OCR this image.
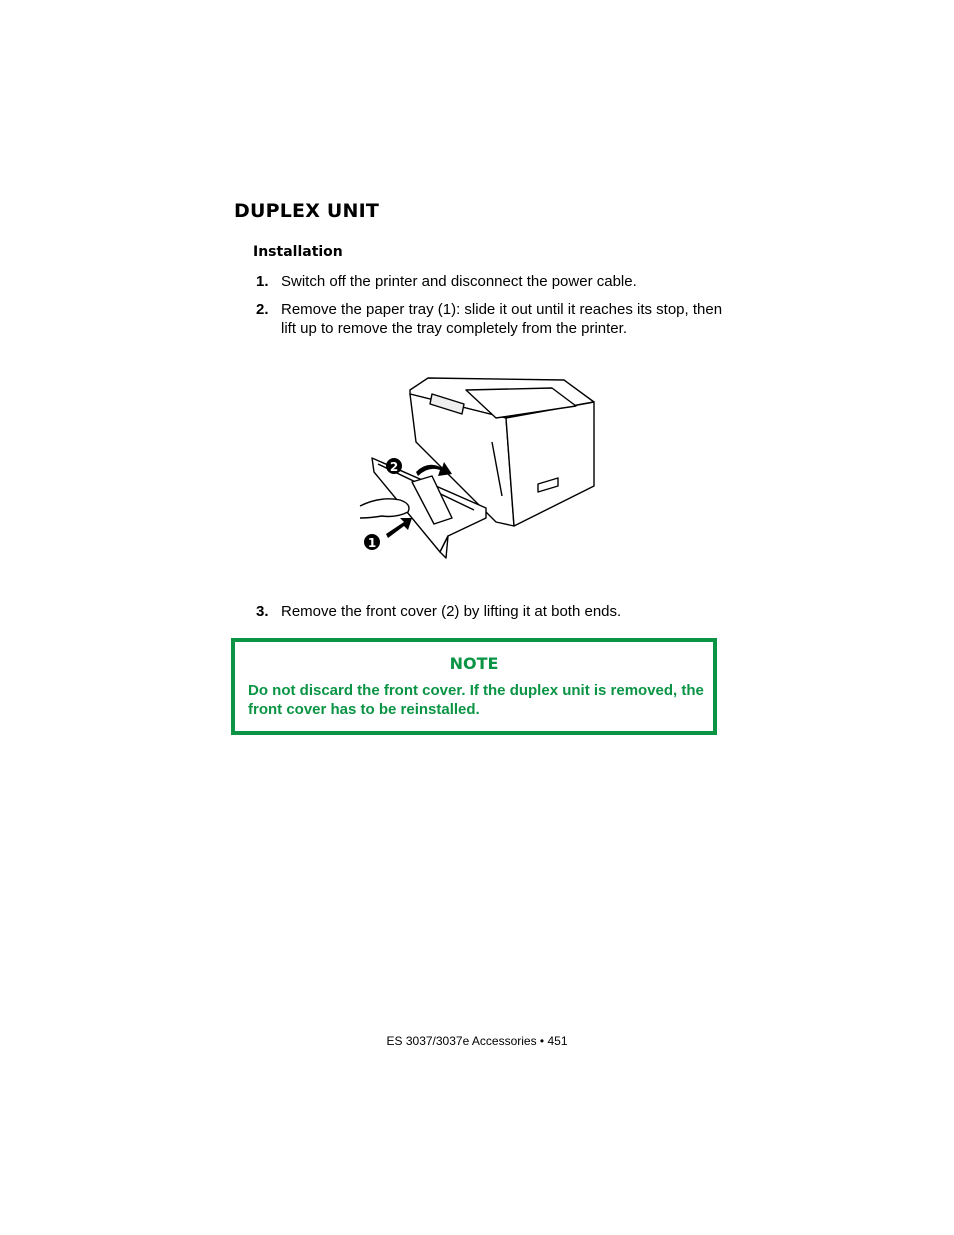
DUPLEX UNIT
Installation
1. Switch off the printer and disconnect the power cable.
2. Remove the paper tray (1): slide it out until it reaches its stop, then lift up to remove the tray completely from the printer.
2
1
3. Remove the front cover (2) by lifting it at both ends.
NOTE
Do not discard the front cover. If the duplex unit is removed, the front cover has to be reinstalled.
ES 3037/3037e Accessories • 451
